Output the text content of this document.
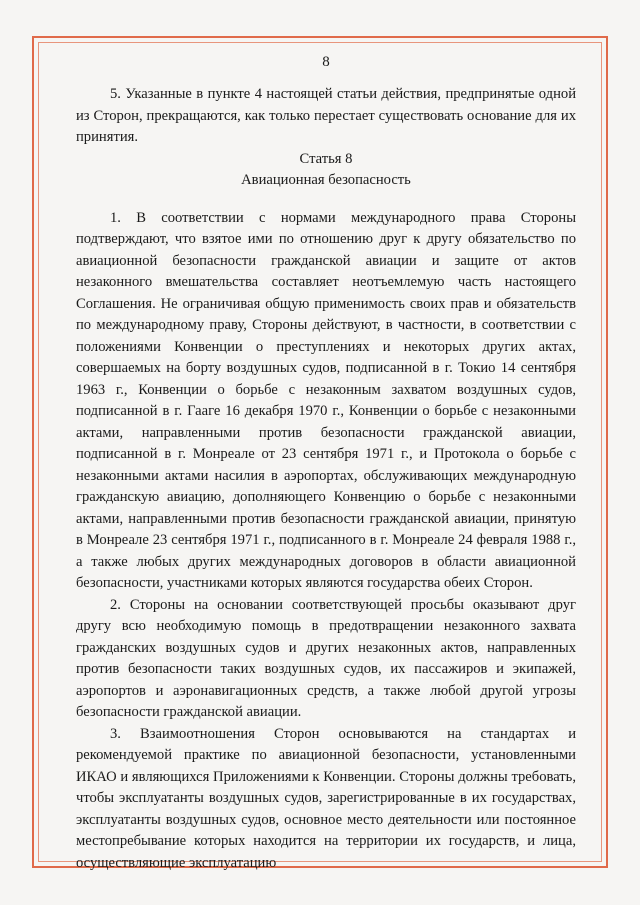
8

5. Указанные в пункте 4 настоящей статьи действия, предпринятые одной из Сторон, прекращаются, как только перестает существовать основание для их принятия.

Статья 8

Авиационная безопасность

1. В соответствии с нормами международного права Стороны подтверждают, что взятое ими по отношению друг к другу обязательство по авиационной безопасности гражданской авиации и защите от актов незаконного вмешательства составляет неотъемлемую часть настоящего Соглашения. Не ограничивая общую применимость своих прав и обязательств по международному праву, Стороны действуют, в частности, в соответствии с положениями Конвенции о преступлениях и некоторых других актах, совершаемых на борту воздушных судов, подписанной в г. Токио 14 сентября 1963 г., Конвенции о борьбе с незаконным захватом воздушных судов, подписанной в г. Гааге 16 декабря 1970 г., Конвенции о борьбе с незаконными актами, направленными против безопасности гражданской авиации, подписанной в г. Монреале от 23 сентября 1971 г., и Протокола о борьбе с незаконными актами насилия в аэропортах, обслуживающих международную гражданскую авиацию, дополняющего Конвенцию о борьбе с незаконными актами, направленными против безопасности гражданской авиации, принятую в Монреале 23 сентября 1971 г., подписанного в г. Монреале 24 февраля 1988 г., а также любых других международных договоров в области авиационной безопасности, участниками которых являются государства обеих Сторон.

2. Стороны на основании соответствующей просьбы оказывают друг другу всю необходимую помощь в предотвращении незаконного захвата гражданских воздушных судов и других незаконных актов, направленных против безопасности таких воздушных судов, их пассажиров и экипажей, аэропортов и аэронавигационных средств, а также любой другой угрозы безопасности гражданской авиации.

3. Взаимоотношения Сторон основываются на стандартах и рекомендуемой практике по авиационной безопасности, установленными ИКАО и являющихся Приложениями к Конвенции. Стороны должны требовать, чтобы эксплуатанты воздушных судов, зарегистрированные в их государствах, эксплуатанты воздушных судов, основное место деятельности или постоянное местопребывание которых находится на территории их государств, и лица, осуществляющие эксплуатацию
